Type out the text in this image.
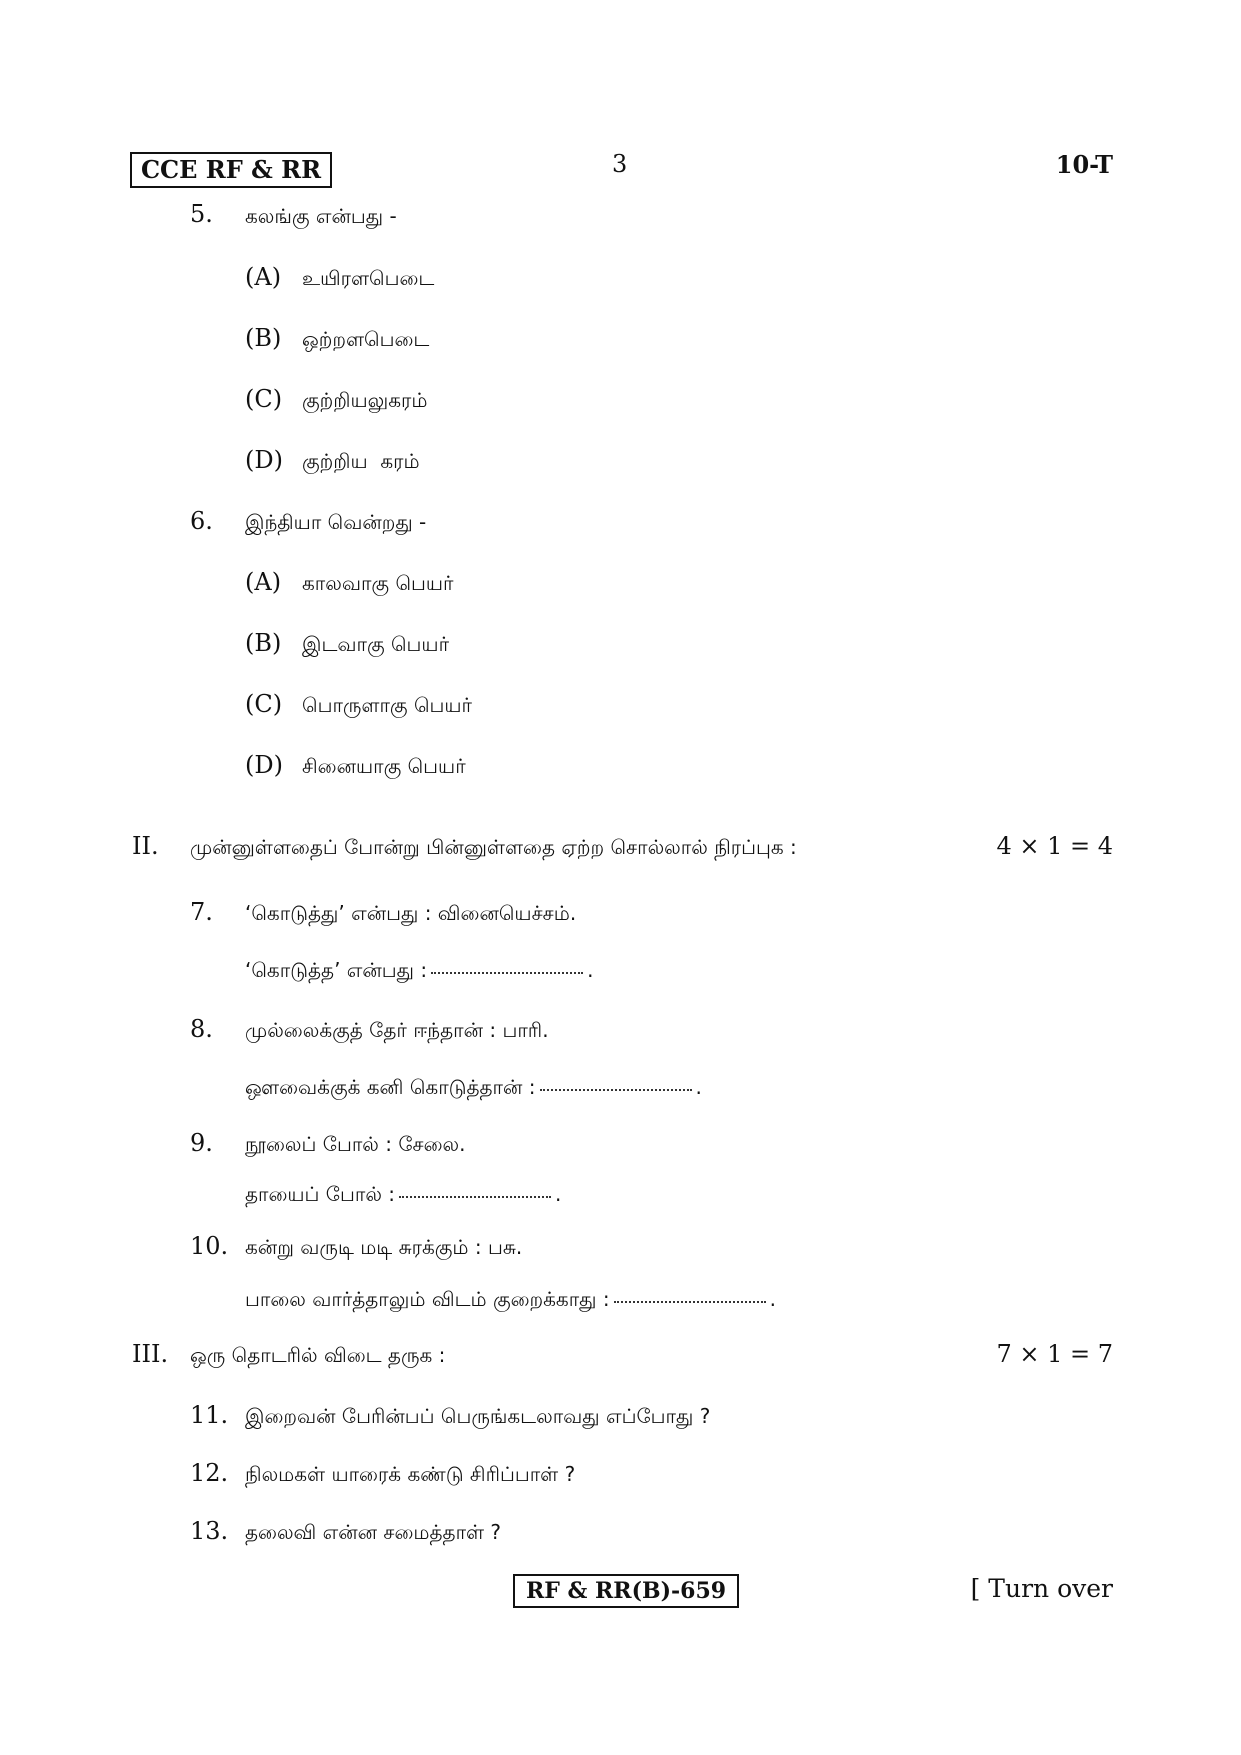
CCE RF & RR	3	10-T
5. கலங்கு என்பது -
(A) உயிரளபெடை
(B) ஒற்றளபெடை
(C) குற்றியலுகரம்
(D) குற்றிய  கரம்
6. இந்தியா வென்றது -
(A) காலவாகு பெயர்
(B) இடவாகு பெயர்
(C) பொருளாகு பெயர்
(D) சினையாகு பெயர்
II. முன்னுள்ளதைப் போன்று பின்னுள்ளதை ஏற்ற சொல்லால் நிரப்புக :	4 × 1 = 4
7. ‘கொடுத்து’ என்பது : வினையெச்சம்.
‘கொடுத்த’ என்பது :	.
8. முல்லைக்குத் தேர் ஈந்தான் : பாரி.
ஔவைக்குக் கனி கொடுத்தான் :	.
9. நூலைப் போல் : சேலை.
தாயைப் போல் :	.
10. கன்று வருடி மடி சுரக்கும் : பசு.
பாலை வார்த்தாலும் விடம் குறைக்காது :	.
III. ஒரு தொடரில் விடை தருக :	7 × 1 = 7
11. இறைவன் பேரின்பப் பெருங்கடலாவது எப்போது ?
12. நிலமகள் யாரைக் கண்டு சிரிப்பாள் ?
13. தலைவி என்ன சமைத்தாள் ?
RF & RR(B)-659	[ Turn over
